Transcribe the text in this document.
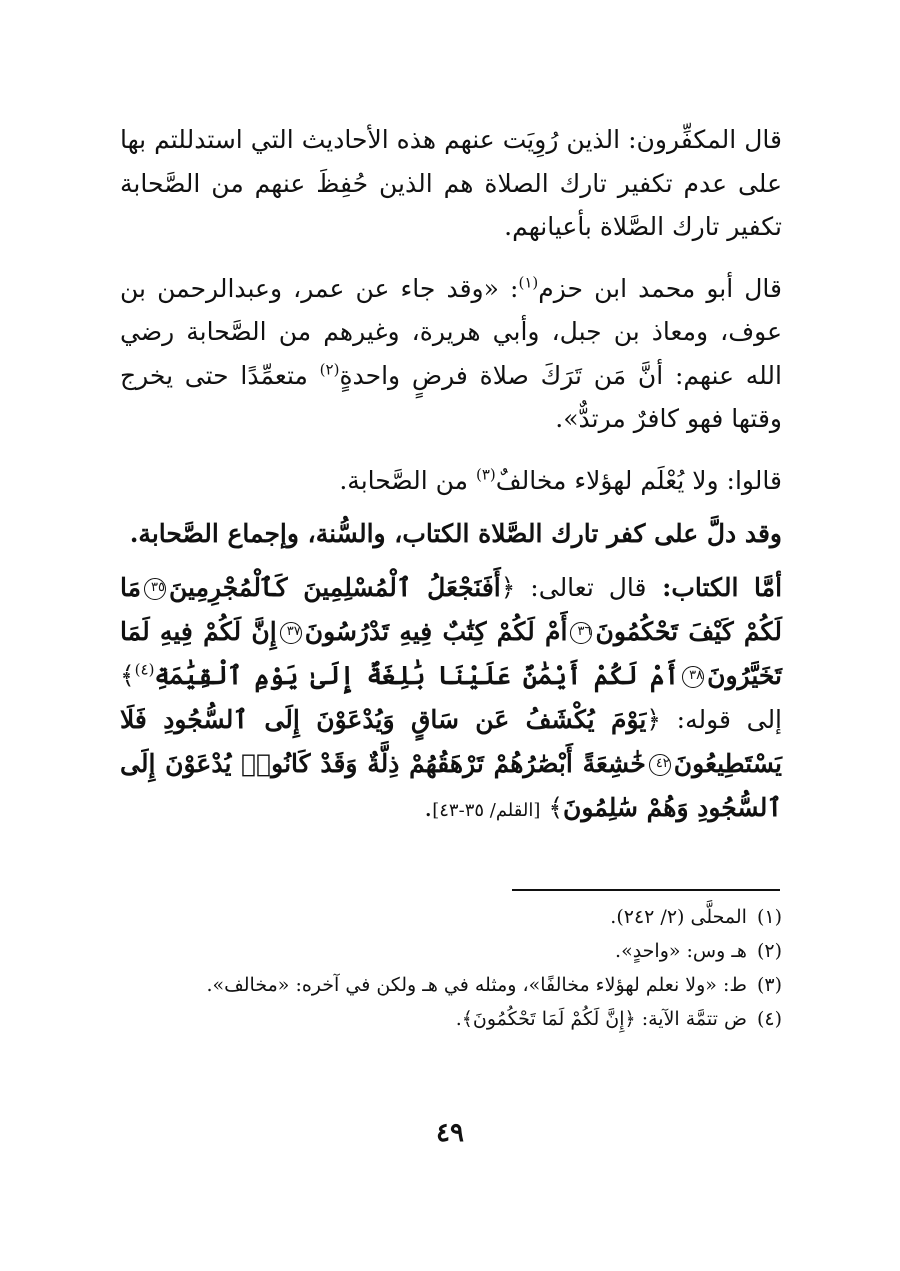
قال المكفِّرون: الذين رُوِيَت عنهم هذه الأحاديث التي استدللتم بها على عدم تكفير تارك الصلاة هم الذين حُفِظَ عنهم من الصَّحابة تكفير تارك الصَّلاة بأعيانهم.

قال أبو محمد ابن حزم$^{(١)}$: «وقد جاء عن عمر، وعبدالرحمن بن عوف، ومعاذ بن جبل، وأبي هريرة، وغيرهم من الصَّحابة رضي الله عنهم: أنَّ مَن تَرَكَ صلاة فرضٍ واحدةٍ$^{(٢)}$ متعمِّدًا حتى يخرج وقتها فهو كافرٌ مرتدٌّ».

قالوا: ولا يُعْلَم لهؤلاء مخالفٌ$^{(٣)}$ من الصَّحابة.

وقد دلَّ على كفر تارك الصَّلاة الكتاب، والسُّنة، وإجماع الصَّحابة.

أمَّا الكتاب: قال تعالى: ﴿أَفَنَجْعَلُ ٱلْمُسْلِمِينَ كَٱلْمُجْرِمِينَ٣٥مَا لَكُمْ كَيْفَ تَحْكُمُونَ٣٦أَمْ لَكُمْ كِتَٰبٌ فِيهِ تَدْرُسُونَ٣٧إِنَّ لَكُمْ فِيهِ لَمَا تَخَيَّرُونَ٣٨أَمْ لَكُمْ أَيْمَٰنٌ عَلَيْنَا بَٰلِغَةٌ إِلَىٰ يَوْمِ ٱلْقِيَٰمَةِ$^{(٤)}$﴾ إلى قوله: ﴿يَوْمَ يُكْشَفُ عَن سَاقٍ وَيُدْعَوْنَ إِلَى ٱلسُّجُودِ فَلَا يَسْتَطِيعُونَ٤٢خَٰشِعَةً أَبْصَٰرُهُمْ تَرْهَقُهُمْ ذِلَّةٌ وَقَدْ كَانُوا۟ يُدْعَوْنَ إِلَى ٱلسُّجُودِ وَهُمْ سَٰلِمُونَ﴾ [القلم/ ٣٥-٤٣].

(١)المحلَّى (٢/ ٢٤٢).

(٢)هـ وس: «واحدٍ».

(٣)ط: «ولا نعلم لهؤلاء مخالفًا»، ومثله في هـ ولكن في آخره: «مخالف».

(٤)ض تتمَّة الآية: ﴿إِنَّ لَكُمْ لَمَا تَحْكُمُونَ﴾.

٤٩
